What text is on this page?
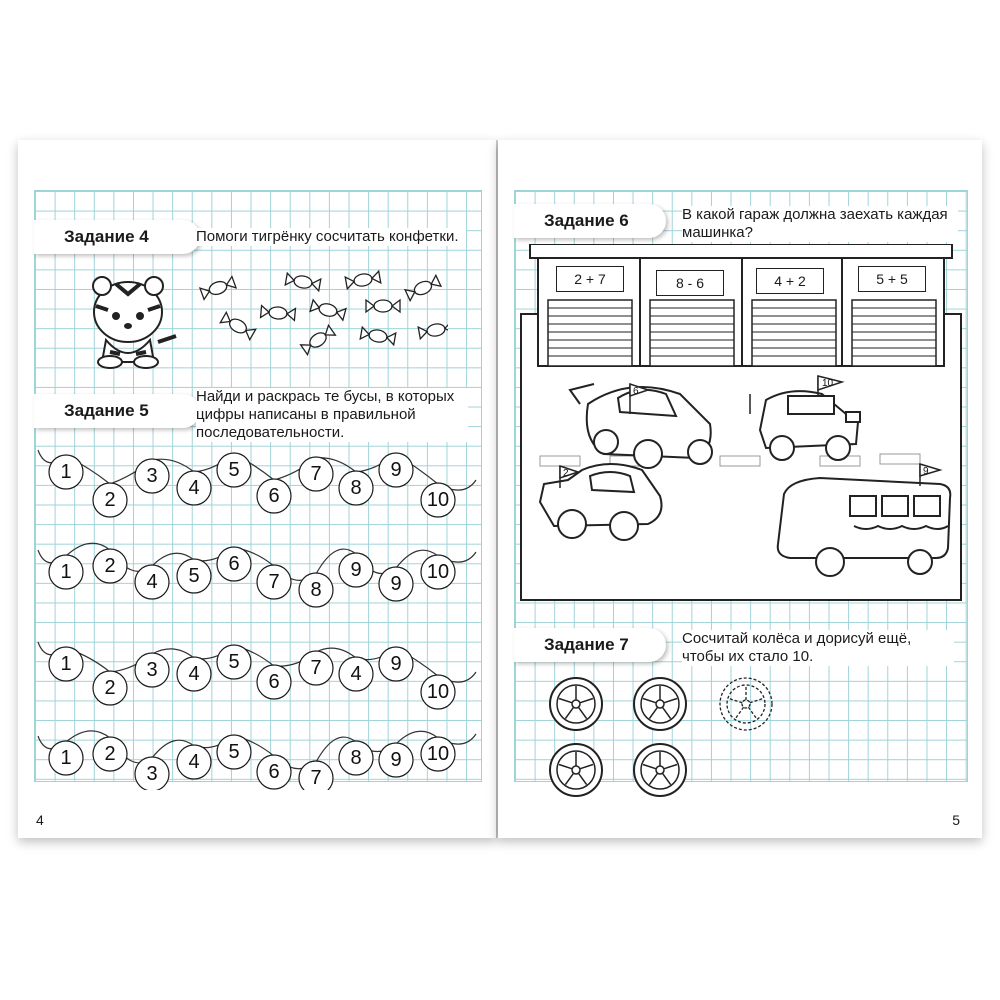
Задание 4	Помоги тигрёнку сосчитать конфетки.
Задание 5
Найди и раскрась те бусы, в которых цифры написаны в правильной последовательности.
1
2
3
4
5
6
7
8
9
10
1 2
4 5
6
7 8
9
9
10
1
2
3 4
5
6
7 4 9
10
1 2
3
4 5
6 7
8 9 10
4
Задание 6	В какой гараж должна заехать каждая машинка?
6
10
2	9
2 + 7	8 - 6	4 + 2	5 + 5
Задание 7	Сосчитай колёса и дорисуй ещё, чтобы их стало 10.
5
